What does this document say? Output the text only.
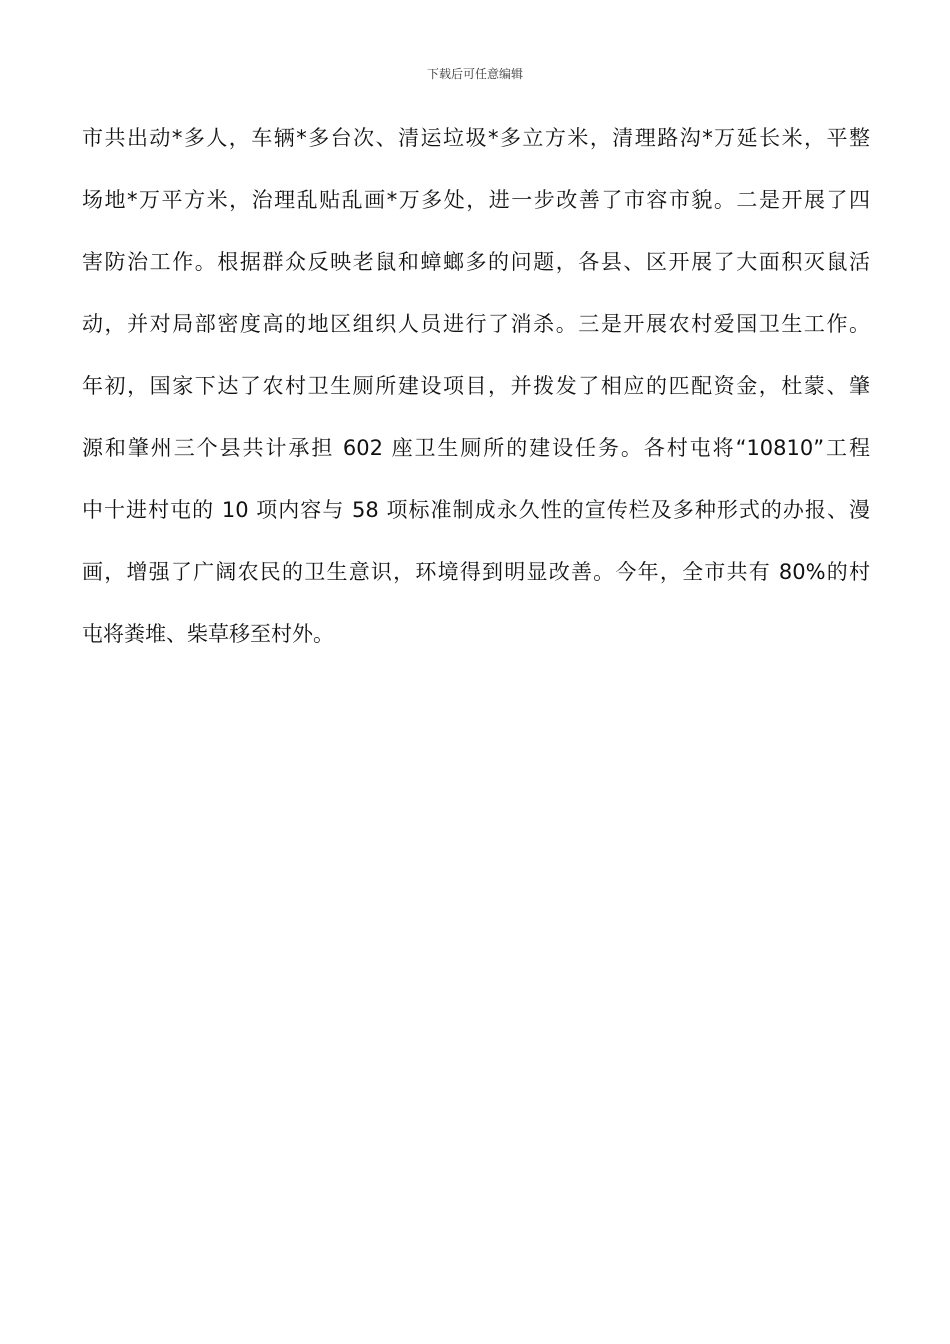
下载后可任意编辑
市共出动*多人，车辆*多台次、清运垃圾*多立方米，清理路沟*万延长米，平整
场地*万平方米，治理乱贴乱画*万多处，进一步改善了市容市貌。二是开展了四
害防治工作。根据群众反映老鼠和蟑螂多的问题，各县、区开展了大面积灭鼠活
动，并对局部密度高的地区组织人员进行了消杀。三是开展农村爱国卫生工作。
年初，国家下达了农村卫生厕所建设项目，并拨发了相应的匹配资金，杜蒙、肇
源和肇州三个县共计承担 602 座卫生厕所的建设任务。各村屯将“10810”工程
中十进村屯的 10 项内容与 58 项标准制成永久性的宣传栏及多种形式的办报、漫
画，增强了广阔农民的卫生意识，环境得到明显改善。今年，全市共有 80%的村
屯将粪堆、柴草移至村外。
